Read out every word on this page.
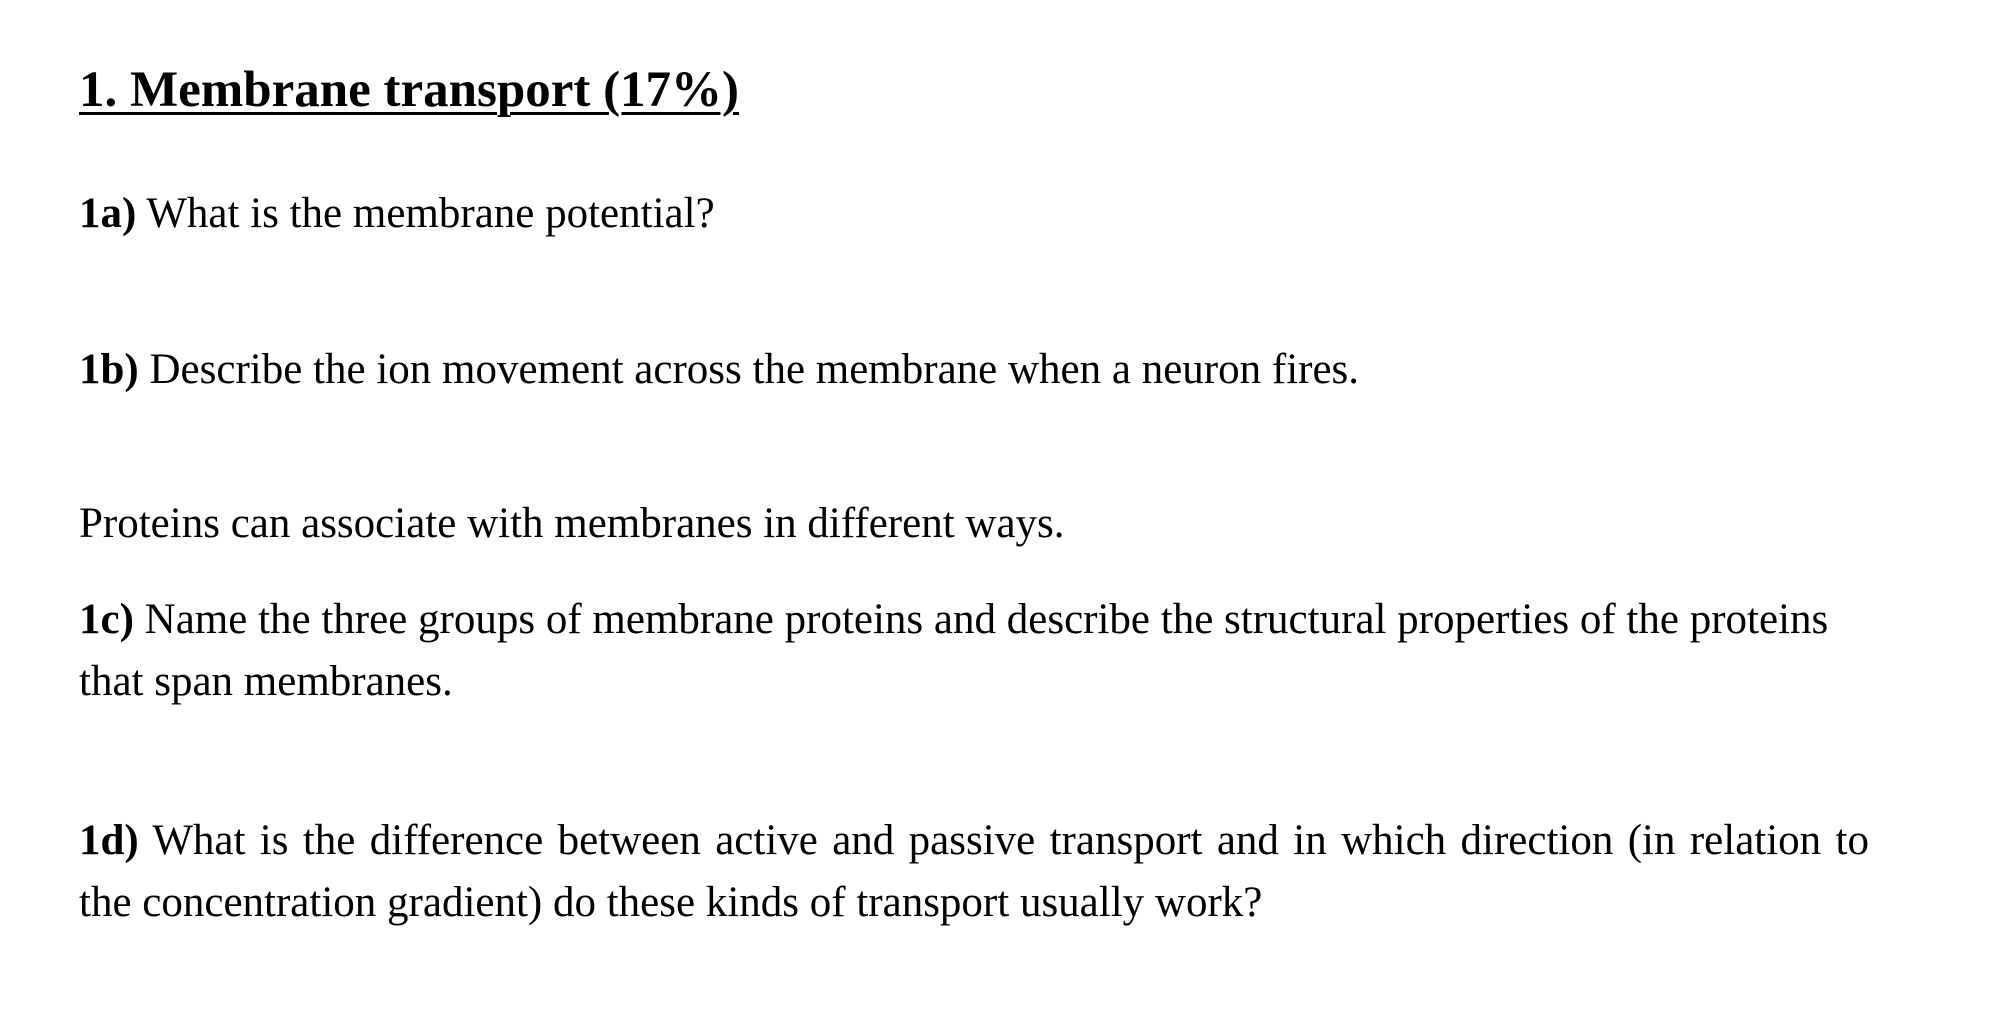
1. Membrane transport (17%)

1a) What is the membrane potential?

1b) Describe the ion movement across the membrane when a neuron fires.

Proteins can associate with membranes in different ways.

1c) Name the three groups of membrane proteins and describe the structural properties of the proteins that span membranes.

1d) What is the difference between active and passive transport and in which direction (in relation to the concentration gradient) do these kinds of transport usually work?
